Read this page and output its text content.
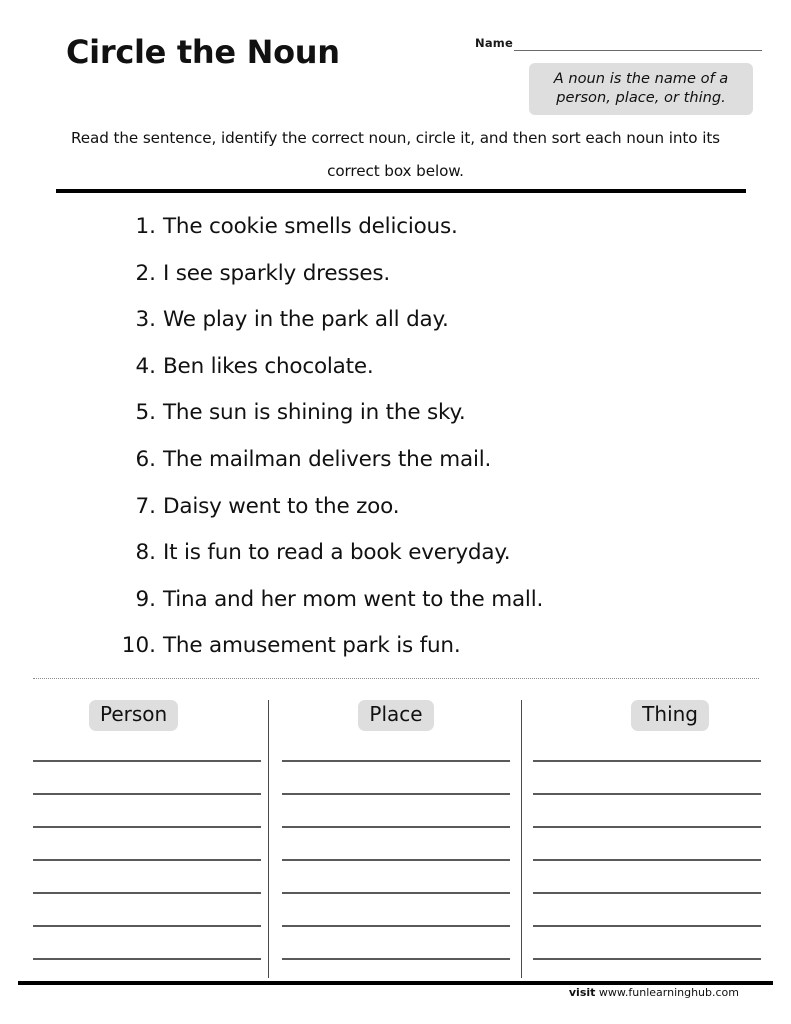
Circle the Noun	Name
A noun is the name of a person, place, or thing.
Read the sentence, identify the correct noun, circle it, and then sort each noun into its correct box below.
1. The cookie smells delicious.
2. I see sparkly dresses.
3. We play in the park all day.
4. Ben likes chocolate.
5. The sun is shining in the sky.
6. The mailman delivers the mail.
7. Daisy went to the zoo.
8. It is fun to read a book everyday.
9. Tina and her mom went to the mall.
10. The amusement park is fun.
Person	Place	Thing
visit www.funlearninghub.com
